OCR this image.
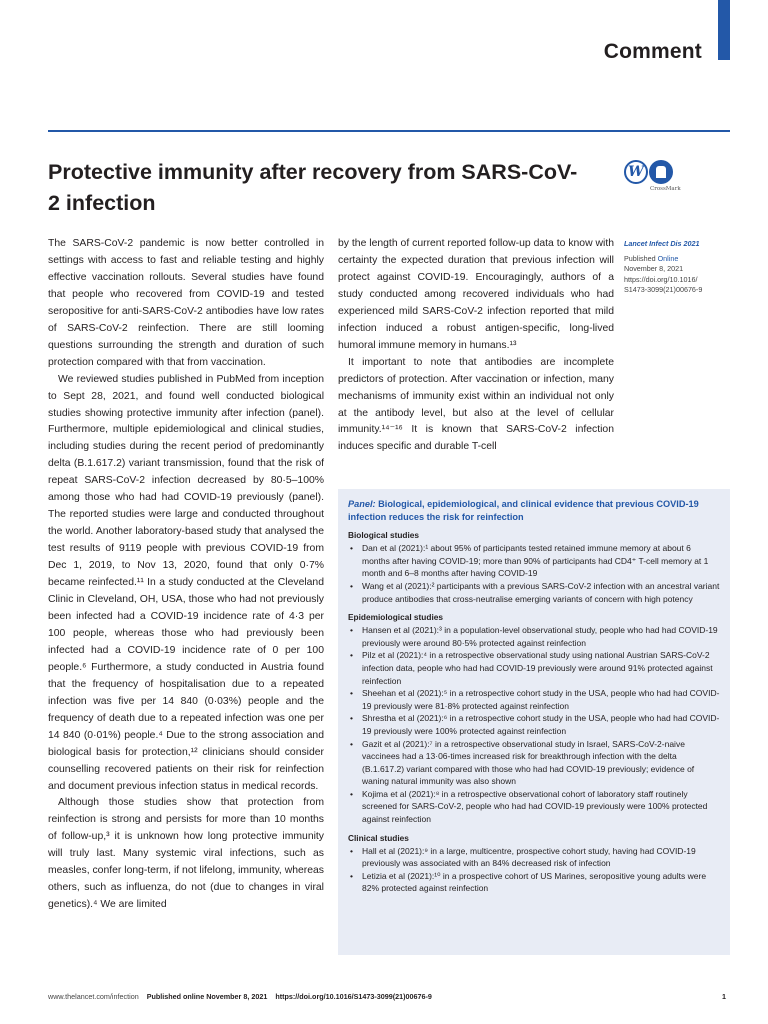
Comment
Protective immunity after recovery from SARS-CoV-2 infection
W
CrossMark

The SARS-CoV-2 pandemic is now better controlled in settings with access to fast and reliable testing and highly effective vaccination rollouts. Several studies have found that people who recovered from COVID-19 and tested seropositive for anti-SARS-CoV-2 antibodies have low rates of SARS-CoV-2 reinfection. There are still looming questions surrounding the strength and duration of such protection compared with that from vaccination.

We reviewed studies published in PubMed from inception to Sept 28, 2021, and found well conducted biological studies showing protective immunity after infection (panel). Furthermore, multiple epidemiological and clinical studies, including studies during the recent period of predominantly delta (B.1.617.2) variant transmission, found that the risk of repeat SARS-CoV-2 infection decreased by 80·5–100% among those who had had COVID-19 previously (panel). The reported studies were large and conducted throughout the world. Another laboratory-based study that analysed the test results of 9119 people with previous COVID-19 from Dec 1, 2019, to Nov 13, 2020, found that only 0·7% became reinfected.¹¹ In a study conducted at the Cleveland Clinic in Cleveland, OH, USA, those who had not previously been infected had a COVID-19 incidence rate of 4·3 per 100 people, whereas those who had previously been infected had a COVID-19 incidence rate of 0 per 100 people.⁶ Furthermore, a study conducted in Austria found that the frequency of hospitalisation due to a repeated infection was five per 14 840 (0·03%) people and the frequency of death due to a repeated infection was one per 14 840 (0·01%) people.⁴ Due to the strong association and biological basis for protection,¹² clinicians should consider counselling recovered patients on their risk for reinfection and document previous infection status in medical records.

Although those studies show that protection from reinfection is strong and persists for more than 10 months of follow-up,³ it is unknown how long protective immunity will truly last. Many systemic viral infections, such as measles, confer long-term, if not lifelong, immunity, whereas others, such as influenza, do not (due to changes in viral genetics).⁴ We are limited

by the length of current reported follow-up data to know with certainty the expected duration that previous infection will protect against COVID-19. Encouragingly, authors of a study conducted among recovered individuals who had experienced mild SARS-CoV-2 infection reported that mild infection induced a robust antigen-specific, long-lived humoral immune memory in humans.¹³

It important to note that antibodies are incomplete predictors of protection. After vaccination or infection, many mechanisms of immunity exist within an individual not only at the antibody level, but also at the level of cellular immunity.¹⁴⁻¹⁶ It is known that SARS-CoV-2 infection induces specific and durable T-cell

Lancet Infect Dis 2021
Published Online
November 8, 2021
https://doi.org/10.1016/
S1473-3099(21)00676-9
Panel: Biological, epidemiological, and clinical evidence that previous COVID-19 infection reduces the risk for reinfection
Biological studies
• Dan et al (2021):¹ about 95% of participants tested retained immune memory at about 6 months after having COVID-19; more than 90% of participants had CD4⁺ T-cell memory at 1 month and 6–8 months after having COVID-19
• Wang et al (2021):² participants with a previous SARS-CoV-2 infection with an ancestral variant produce antibodies that cross-neutralise emerging variants of concern with high potency
Epidemiological studies
• Hansen et al (2021):³ in a population-level observational study, people who had had COVID-19 previously were around 80·5% protected against reinfection
• Pilz et al (2021):⁴ in a retrospective observational study using national Austrian SARS-CoV-2 infection data, people who had had COVID-19 previously were around 91% protected against reinfection
• Sheehan et al (2021):⁵ in a retrospective cohort study in the USA, people who had had COVID-19 previously were 81·8% protected against reinfection
• Shrestha et al (2021):⁶ in a retrospective cohort study in the USA, people who had had COVID-19 previously were 100% protected against reinfection
• Gazit et al (2021):⁷ in a retrospective observational study in Israel, SARS-CoV-2-naive vaccinees had a 13·06-times increased risk for breakthrough infection with the delta (B.1.617.2) variant compared with those who had had COVID-19 previously; evidence of waning natural immunity was also shown
• Kojima et al (2021):⁸ in a retrospective observational cohort of laboratory staff routinely screened for SARS-CoV-2, people who had had COVID-19 previously were 100% protected against reinfection
Clinical studies
• Hall et al (2021):⁹ in a large, multicentre, prospective cohort study, having had COVID-19 previously was associated with an 84% decreased risk of infection
• Letizia et al (2021):¹⁰ in a prospective cohort of US Marines, seropositive young adults were 82% protected against reinfection
www.thelancet.com/infection Published online November 8, 2021 https://doi.org/10.1016/S1473-3099(21)00676-9	1
